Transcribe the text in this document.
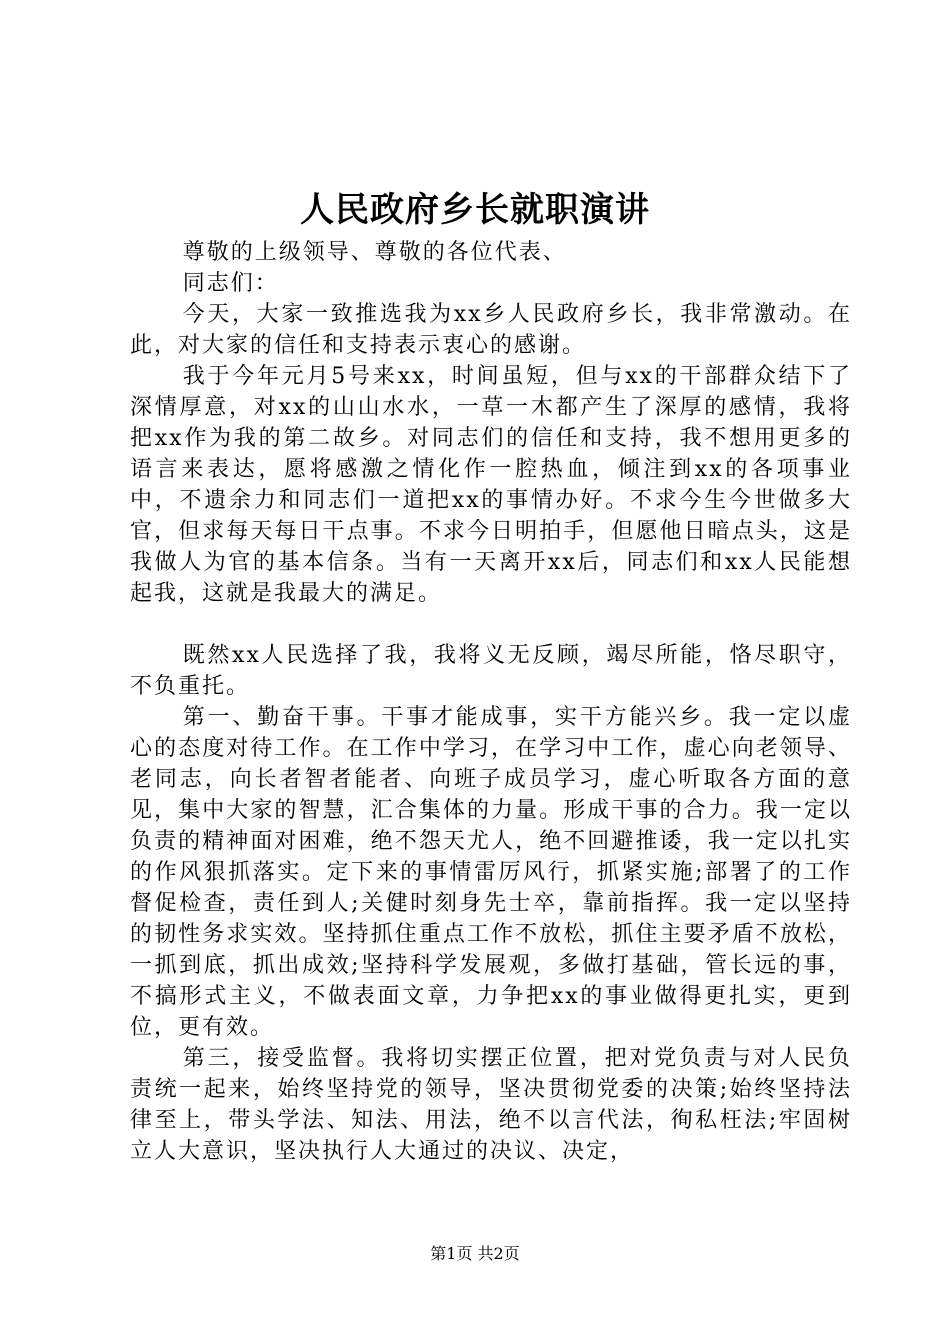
人民政府乡长就职演讲

尊敬的上级领导、尊敬的各位代表、

同志们：

今天，大家一致推选我为xx乡人民政府乡长，我非常激动。在此，对大家的信任和支持表示衷心的感谢。

我于今年元月5号来xx，时间虽短，但与xx的干部群众结下了深情厚意，对xx的山山水水，一草一木都产生了深厚的感情，我将把xx作为我的第二故乡。对同志们的信任和支持，我不想用更多的语言来表达，愿将感激之情化作一腔热血，倾注到xx的各项事业中，不遗余力和同志们一道把xx的事情办好。不求今生今世做多大官，但求每天每日干点事。不求今日明拍手，但愿他日暗点头，这是我做人为官的基本信条。当有一天离开xx后，同志们和xx人民能想起我，这就是我最大的满足。

既然xx人民选择了我，我将义无反顾，竭尽所能，恪尽职守，不负重托。

第一、勤奋干事。干事才能成事，实干方能兴乡。我一定以虚心的态度对待工作。在工作中学习，在学习中工作，虚心向老领导、老同志，向长者智者能者、向班子成员学习，虚心听取各方面的意见，集中大家的智慧，汇合集体的力量。形成干事的合力。我一定以负责的精神面对困难，绝不怨天尤人，绝不回避推诿，我一定以扎实的作风狠抓落实。定下来的事情雷厉风行，抓紧实施;部署了的工作督促检查，责任到人;关健时刻身先士卒，靠前指挥。我一定以坚持的韧性务求实效。坚持抓住重点工作不放松，抓住主要矛盾不放松，一抓到底，抓出成效;坚持科学发展观，多做打基础，管长远的事，不搞形式主义，不做表面文章，力争把xx的事业做得更扎实，更到位，更有效。

第三，接受监督。我将切实摆正位置，把对党负责与对人民负责统一起来，始终坚持党的领导，坚决贯彻党委的决策;始终坚持法律至上，带头学法、知法、用法，绝不以言代法，徇私枉法;牢固树立人大意识，坚决执行人大通过的决议、决定，

第1页 共2页
